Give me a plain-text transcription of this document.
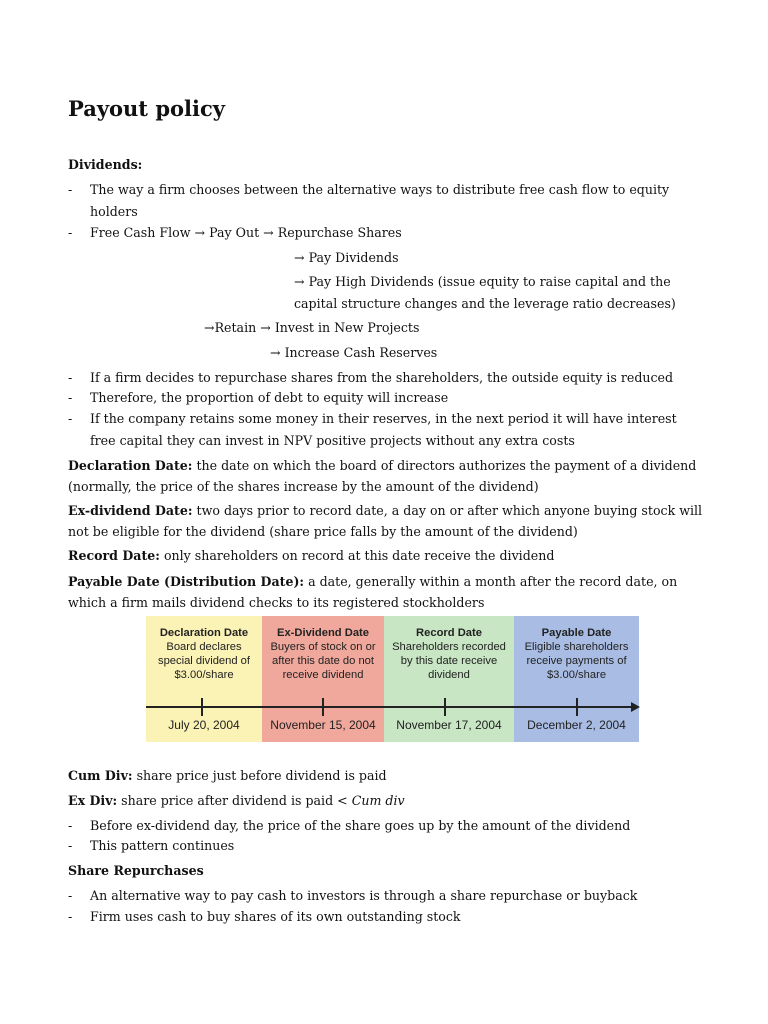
Payout policy
Dividends:
- The way a firm chooses between the alternative ways to distribute free cash flow to equity
holders
- Free Cash Flow → Pay Out → Repurchase Shares
→ Pay Dividends
→ Pay High Dividends (issue equity to raise capital and the
capital structure changes and the leverage ratio decreases)
→Retain → Invest in New Projects
→ Increase Cash Reserves
- If a firm decides to repurchase shares from the shareholders, the outside equity is reduced
- Therefore, the proportion of debt to equity will increase
- If the company retains some money in their reserves, in the next period it will have interest
free capital they can invest in NPV positive projects without any extra costs
Declaration Date: the date on which the board of directors authorizes the payment of a dividend
(normally, the price of the shares increase by the amount of the dividend)
Ex-dividend Date: two days prior to record date, a day on or after which anyone buying stock will
not be eligible for the dividend (share price falls by the amount of the dividend)
Record Date: only shareholders on record at this date receive the dividend
Payable Date (Distribution Date): a date, generally within a month after the record date, on
which a firm mails dividend checks to its registered stockholders
Declaration Date
Board declares special dividend of $3.00/share
July 20, 2004
Ex-Dividend Date
Buyers of stock on or after this date do not receive dividend
November 15, 2004
Record Date
Shareholders recorded by this date receive dividend
November 17, 2004
Payable Date
Eligible shareholders receive payments of $3.00/share
December 2, 2004
Cum Div: share price just before dividend is paid
Ex Div: share price after dividend is paid < Cum div
- Before ex-dividend day, the price of the share goes up by the amount of the dividend
- This pattern continues
Share Repurchases
- An alternative way to pay cash to investors is through a share repurchase or buyback
- Firm uses cash to buy shares of its own outstanding stock
